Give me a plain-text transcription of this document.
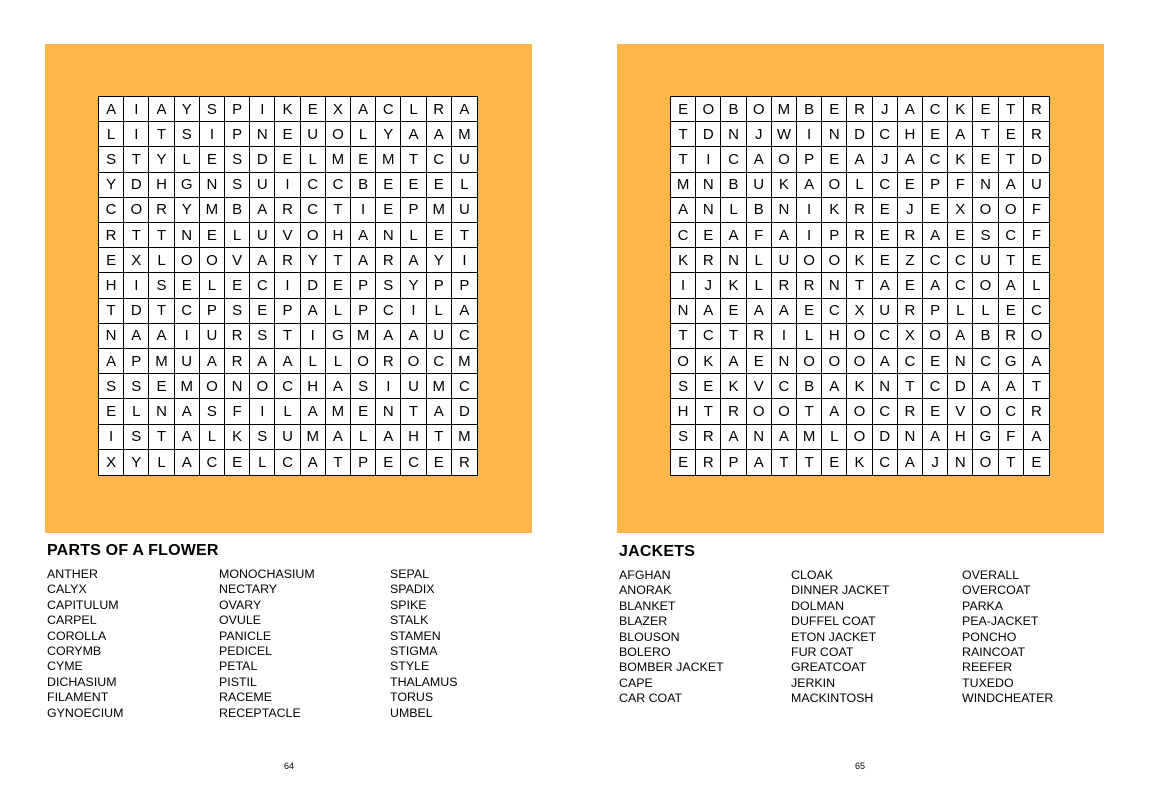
A	I	A	Y	S	P	I	K	E	X	A C	L	R	A
L	I	T	S	I	P N E U O	L	Y	A	A M
S	T	Y	L	E	S D E	L M E M T	C U
Y D H G N S U	I	C C B	E	E	E	L
C O R Y M B	A R C	T	I	E	P M U
R	T	T	N E	L	U V O H A N	L	E	T
E	X	L	O O V	A R Y	T	A R A	Y	I
H	I	S	E	L	E C	I	D E	P	S	Y	P	P
T	D	T	C P	S	E	P	A	L	P C	I	L	A
N A	A	I	U R S	T	I	G M A	A U C
A	P M U A R A	A	L	L	O R O C M
S	S	E M O N O C H A	S	I	U M C
E	L	N A	S	F	I	L	A M E N	T	A	D
I	S	T	A	L	K	S U M A	L	A H	T M
X	Y	L	A C E	L	C A	T	P	E C E	R
PARTS OF A FLOWER
ANTHER
CALYX
CAPITULUM
CARPEL
COROLLA
CORYMB
CYME
DICHASIUM
FILAMENT
GYNOECIUM
MONOCHASIUM
NECTARY
OVARY
OVULE
PANICLE
PEDICEL
PETAL
PISTIL
RACEME
RECEPTACLE
SEPAL
SPADIX
SPIKE
STALK
STAMEN
STIGMA
STYLE
THALAMUS
TORUS
UMBEL
64
E O B O M B	E R	J	A C K	E	T	R
T	D N	J W	I	N D C H E	A	T	E	R
T	I	C A O P	E	A	J	A C K	E	T	D
M N B U K	A O	L	C E	P	F	N A	U
A N	L	B N	I	K R E	J	E	X O O	F
C E	A	F	A	I	P R E R A	E	S C	F
K R N	L	U O O K	E	Z	C C U	T	E
I	J	K	L	R R N	T	A	E	A C O A	L
N A	E	A	A	E C X U R P	L	L	E	C
T	C	T	R	I	L	H O C X O A	B R O
O K	A	E N O O O A C E N C G A
S	E	K	V C B	A	K N	T	C D A	A	T
H	T	R O O T	A O C R E	V O C R
S R A N A M L	O D N A H G F	A
E R P	A	T	T	E	K C A	J	N O T	E
JACKETS
AFGHAN
ANORAK
BLANKET
BLAZER
BLOUSON
BOLERO
BOMBER JACKET
CAPE
CAR COAT
CLOAK
DINNER JACKET
DOLMAN
DUFFEL COAT
ETON JACKET
FUR COAT
GREATCOAT
JERKIN
MACKINTOSH
OVERALL
OVERCOAT
PARKA
PEA-JACKET
PONCHO
RAINCOAT
REEFER
TUXEDO
WINDCHEATER
65
